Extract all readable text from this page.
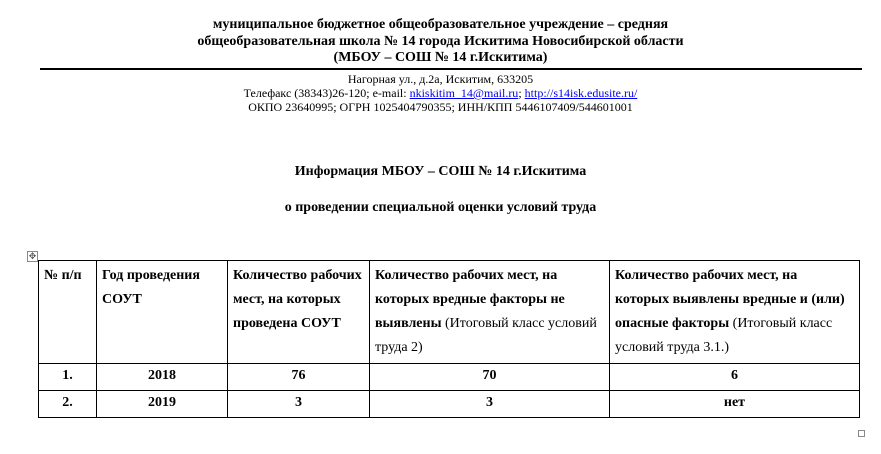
муниципальное бюджетное общеобразовательное учреждение – средняя
общеобразовательная школа № 14 города Искитима Новосибирской области
(МБОУ – СОШ № 14 г.Искитима)
Нагорная ул., д.2а, Искитим, 633205
Телефакс (38343)26-120; e-mail: nkiskitim_14@mail.ru; http://s14isk.edusite.ru/
ОКПО 23640995; ОГРН 1025404790355; ИНН/КПП 5446107409/544601001
Информация МБОУ – СОШ № 14 г.Искитима
о проведении специальной оценки условий труда
✥
№ п/п	Год проведения СОУТ	Количество рабочих мест, на которых проведена СОУТ	Количество рабочих мест, на которых вредные факторы не выявлены (Итоговый класс условий труда 2)	Количество рабочих мест, на которых выявлены вредные и (или) опасные факторы (Итоговый класс условий труда 3.1.)
1.	2018	76	70	6
2.	2019	3	3	нет
